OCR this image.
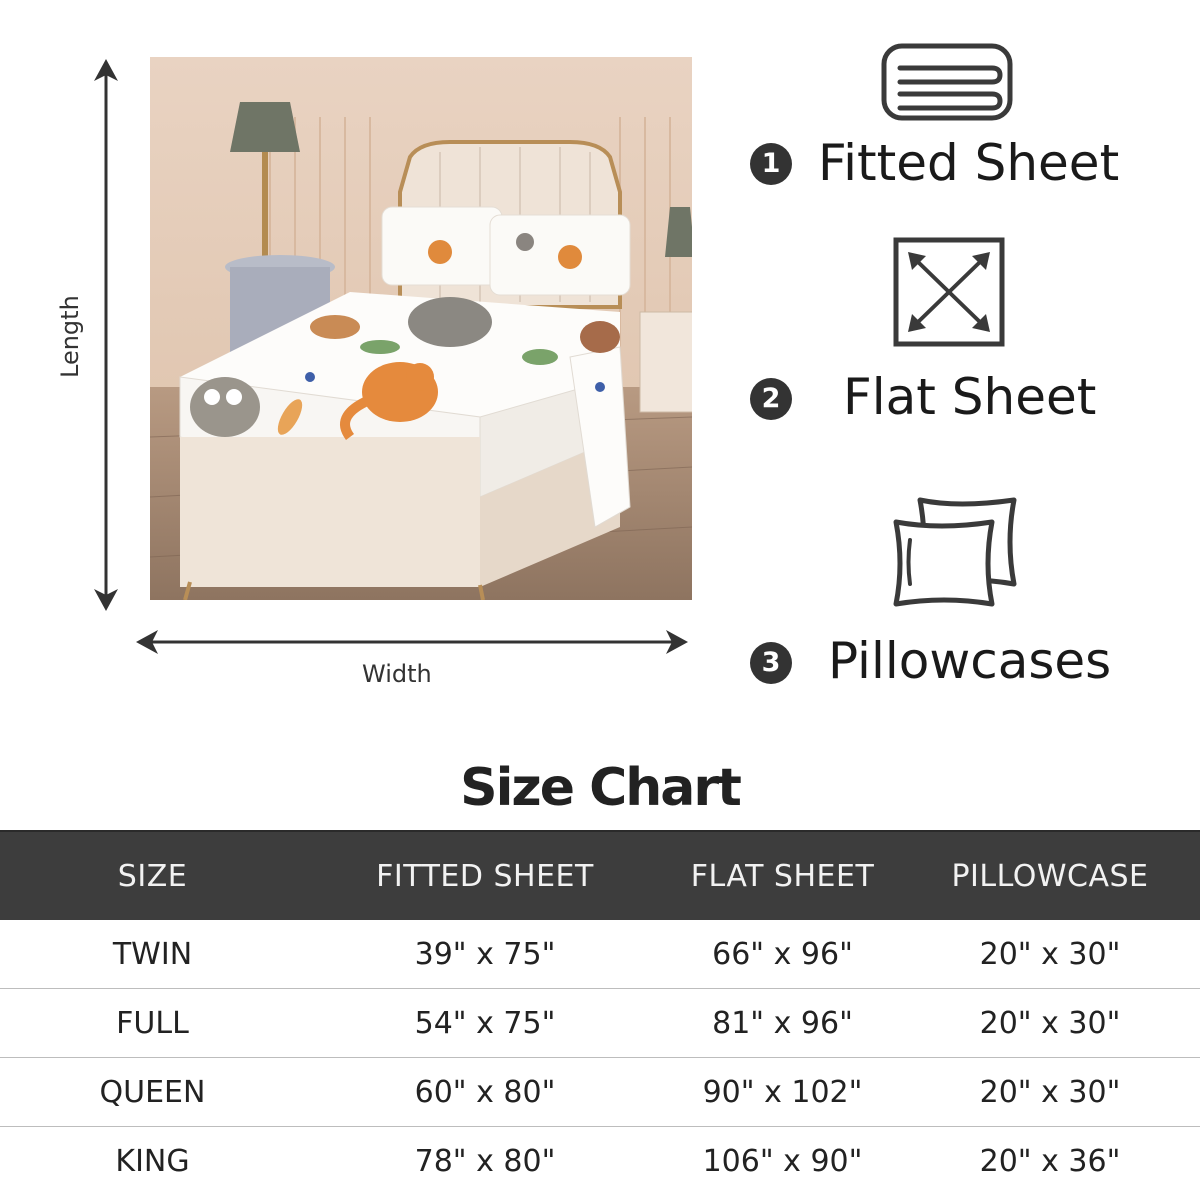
Length
Width
1 Fitted Sheet
2 Flat Sheet
3 Pillowcases
Size Chart
SIZE	FITTED SHEET	FLAT SHEET	PILLOWCASE
TWIN	39" x 75"	66" x 96"	20" x 30"
FULL	54" x 75"	81" x 96"	20" x 30"
QUEEN	60" x 80"	90" x 102"	20" x 30"
KING	78" x 80"	106" x 90"	20" x 36"
